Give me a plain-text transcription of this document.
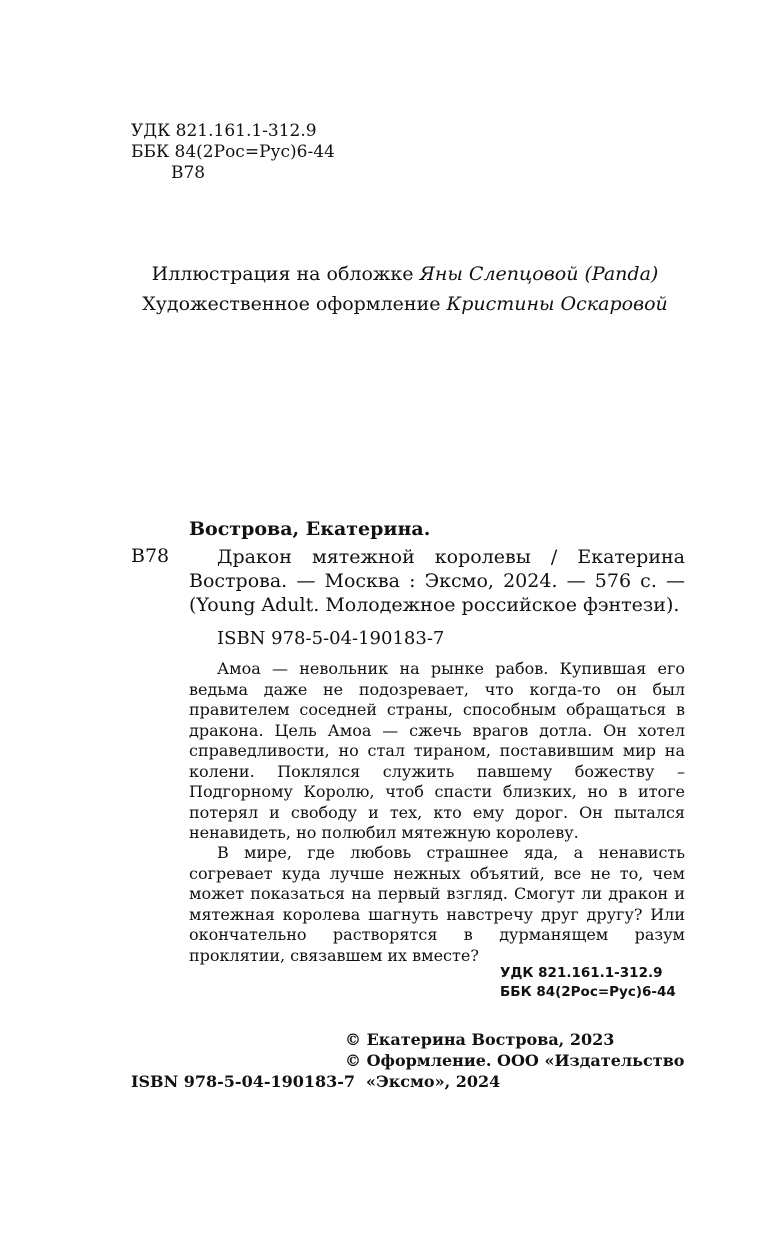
УДК 821.161.1-312.9
ББК 84(2Рос=Рус)6-44
В78
Иллюстрация на обложке Яны Слепцовой (Panda)
Художественное оформление Кристины Оскаровой
Вострова, Екатерина.
В78	Дракон мятежной королевы / Екатерина Вострова. — Москва : Эксмо, 2024. — 576 с. — (Young Adult. Молодежное российское фэнтези).
ISBN 978-5-04-190183-7
Амоа — невольник на рынке рабов. Купившая его ведьма даже не подозревает, что когда-то он был правителем соседней страны, способным обращаться в дракона. Цель Амоа — сжечь врагов дотла. Он хотел справедливости, но стал тираном, поставившим мир на колени. Поклялся служить павшему божеству – Подгорному Королю, чтоб спасти близких, но в итоге потерял и свободу и тех, кто ему дорог. Он пытался ненавидеть, но полюбил мятежную королеву.
В мире, где любовь страшнее яда, а ненависть согревает куда лучше нежных объятий, все не то, чем может показаться на первый взгляд. Смогут ли дракон и мятежная королева шагнуть навстречу друг другу? Или окончательно растворятся в дурманящем разум проклятии, связавшем их вместе?
УДК 821.161.1-312.9
ББК 84(2Рос=Рус)6-44
© Екатерина Вострова, 2023
© Оформление. ООО «Издательство
«Эксмо», 2024
ISBN 978-5-04-190183-7
